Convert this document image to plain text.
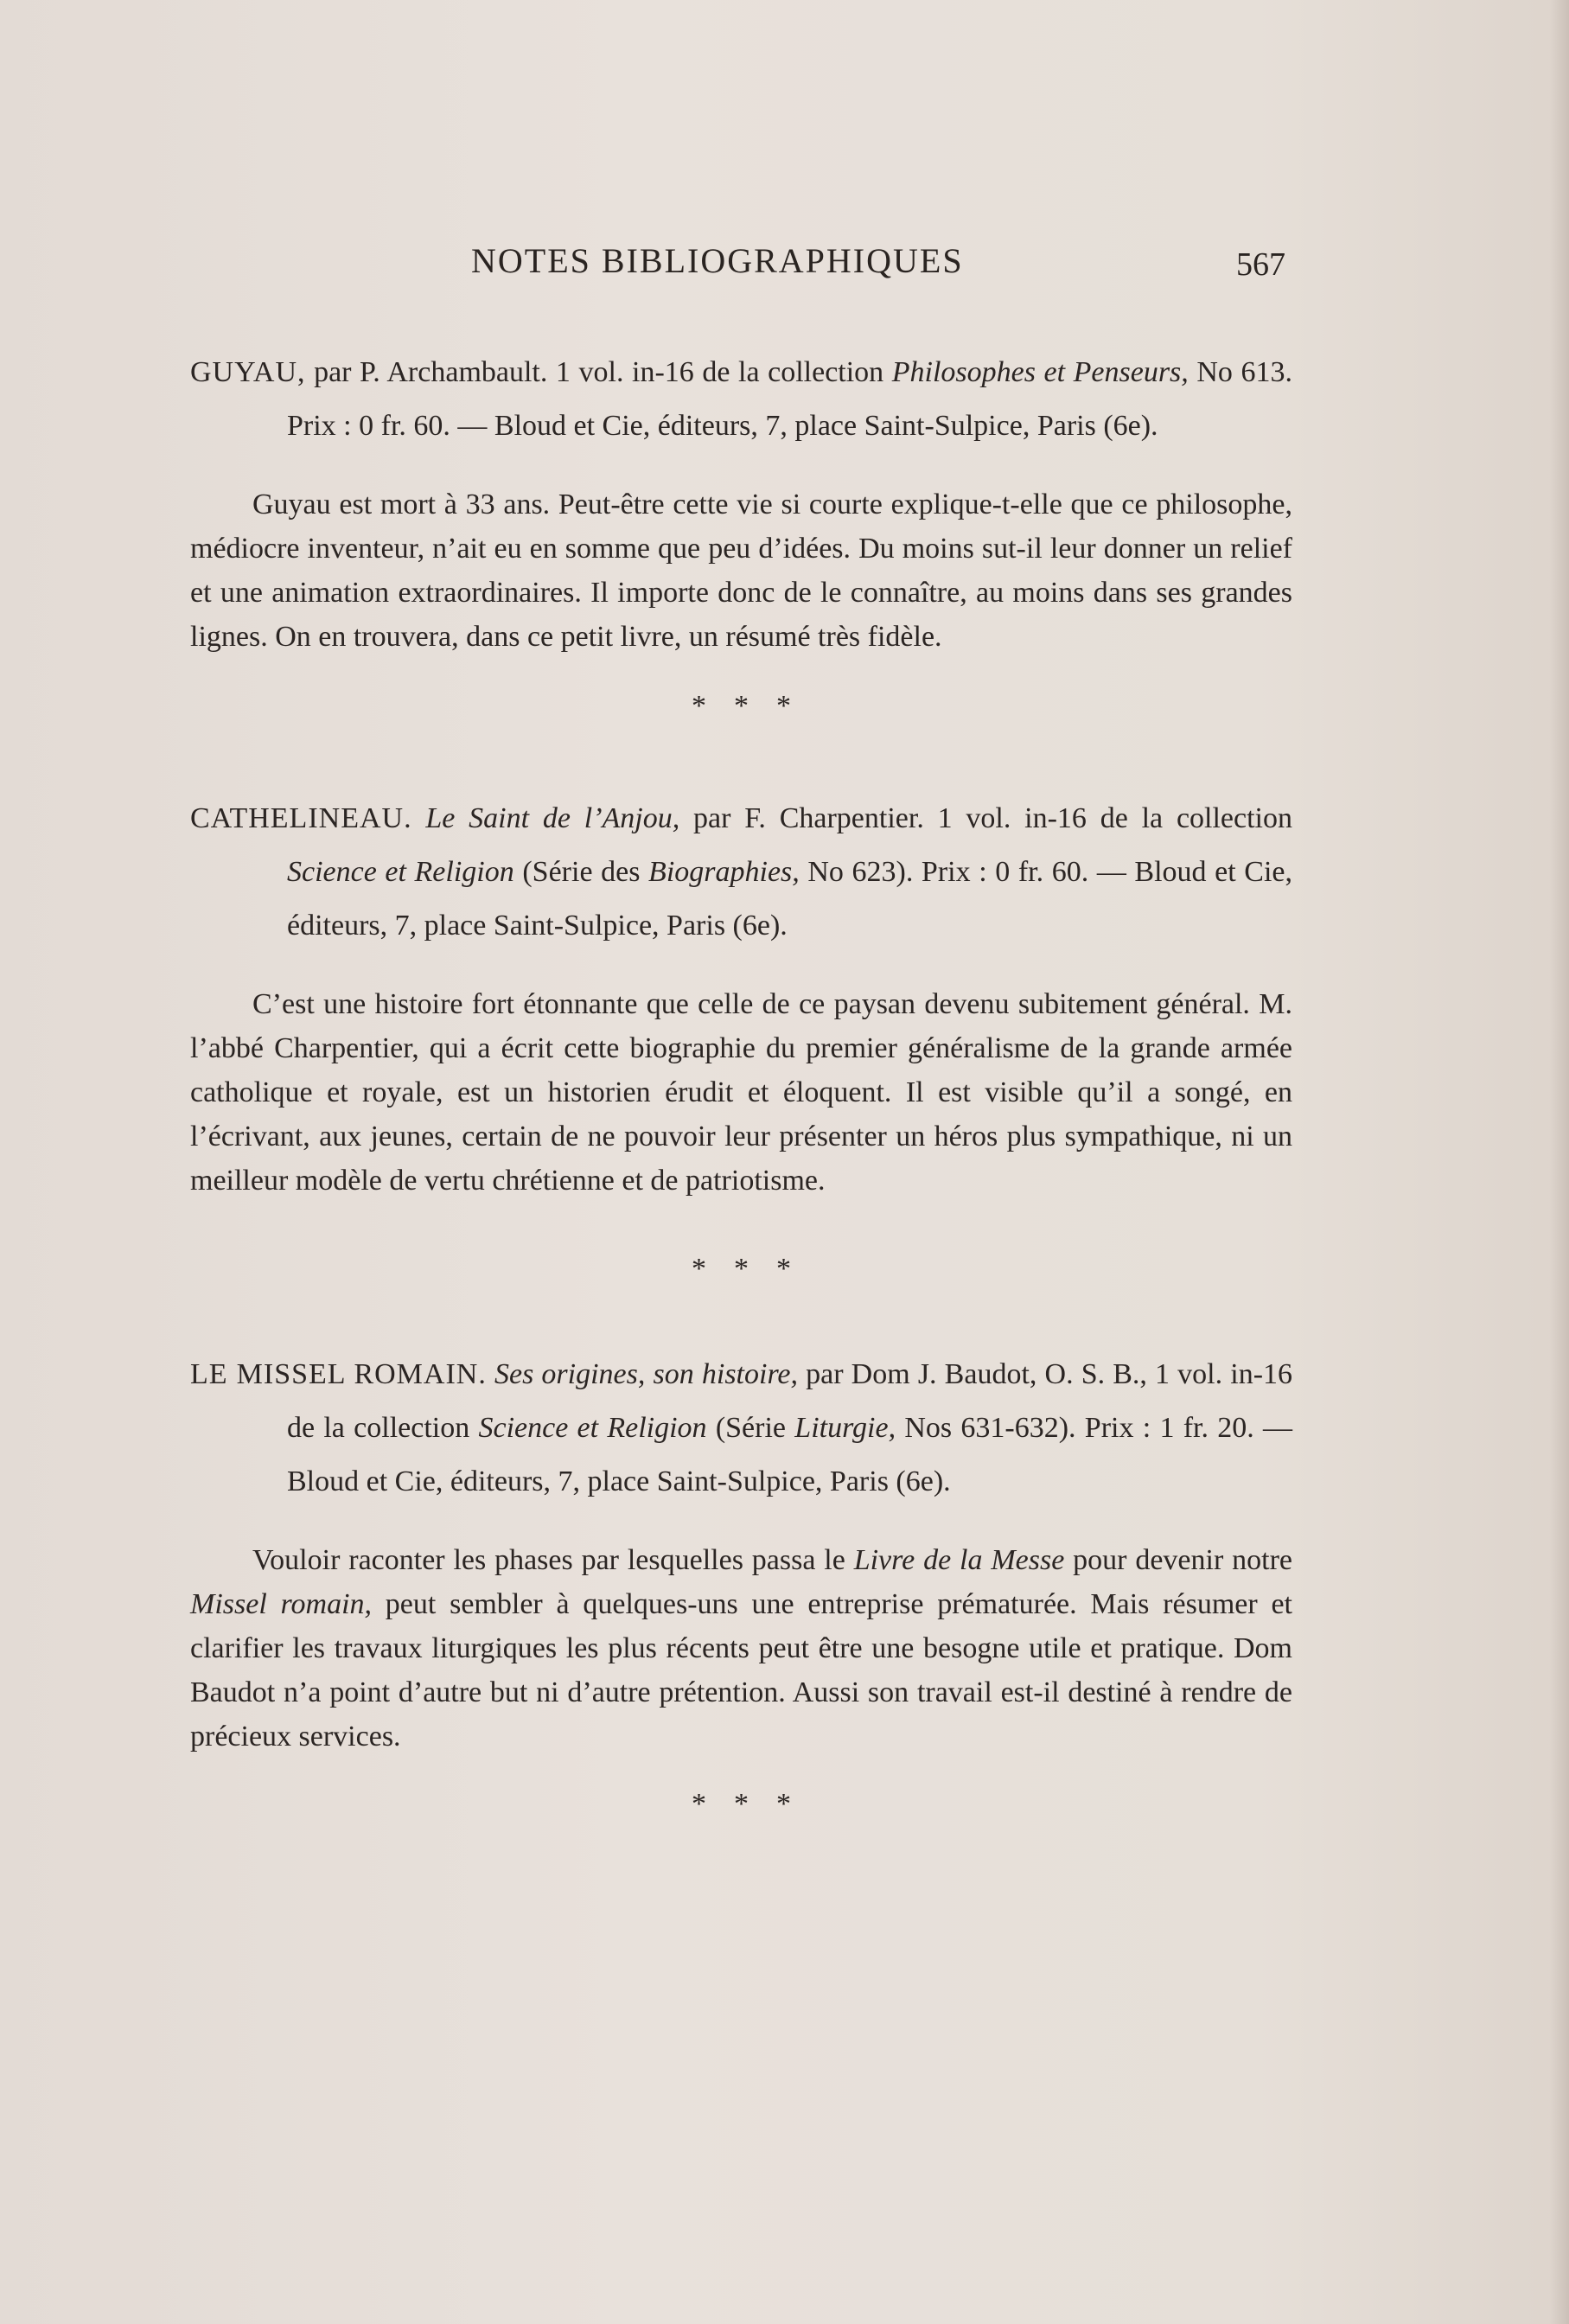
NOTES BIBLIOGRAPHIQUES	567

GUYAU, par P. Archambault. 1 vol. in-16 de la collection Philosophes et Penseurs, No 613. Prix : 0 fr. 60. — Bloud et Cie, éditeurs, 7, place Saint-Sulpice, Paris (6e).

Guyau est mort à 33 ans. Peut-être cette vie si courte explique-t-elle que ce philosophe, médiocre inventeur, n’ait eu en somme que peu d’idées. Du moins sut-il leur donner un relief et une animation extraordinaires. Il importe donc de le connaître, au moins dans ses grandes lignes. On en trouvera, dans ce petit livre, un résumé très fidèle.

***

CATHELINEAU. Le Saint de l’Anjou, par F. Charpentier. 1 vol. in-16 de la collection Science et Religion (Série des Biographies, No 623). Prix : 0 fr. 60. — Bloud et Cie, éditeurs, 7, place Saint-Sulpice, Paris (6e).

C’est une histoire fort étonnante que celle de ce paysan devenu subitement général. M. l’abbé Charpentier, qui a écrit cette biographie du premier généralisme de la grande armée catholique et royale, est un historien érudit et éloquent. Il est visible qu’il a songé, en l’écrivant, aux jeunes, certain de ne pouvoir leur présenter un héros plus sympathique, ni un meilleur modèle de vertu chrétienne et de patriotisme.

***

LE MISSEL ROMAIN. Ses origines, son histoire, par Dom J. Baudot, O. S. B., 1 vol. in-16 de la collection Science et Religion (Série Liturgie, Nos 631-632). Prix : 1 fr. 20. — Bloud et Cie, éditeurs, 7, place Saint-Sulpice, Paris (6e).

Vouloir raconter les phases par lesquelles passa le Livre de la Messe pour devenir notre Missel romain, peut sembler à quelques-uns une entreprise prématurée. Mais résumer et clarifier les travaux liturgiques les plus récents peut être une besogne utile et pratique. Dom Baudot n’a point d’autre but ni d’autre prétention. Aussi son travail est-il destiné à rendre de précieux services.

***
